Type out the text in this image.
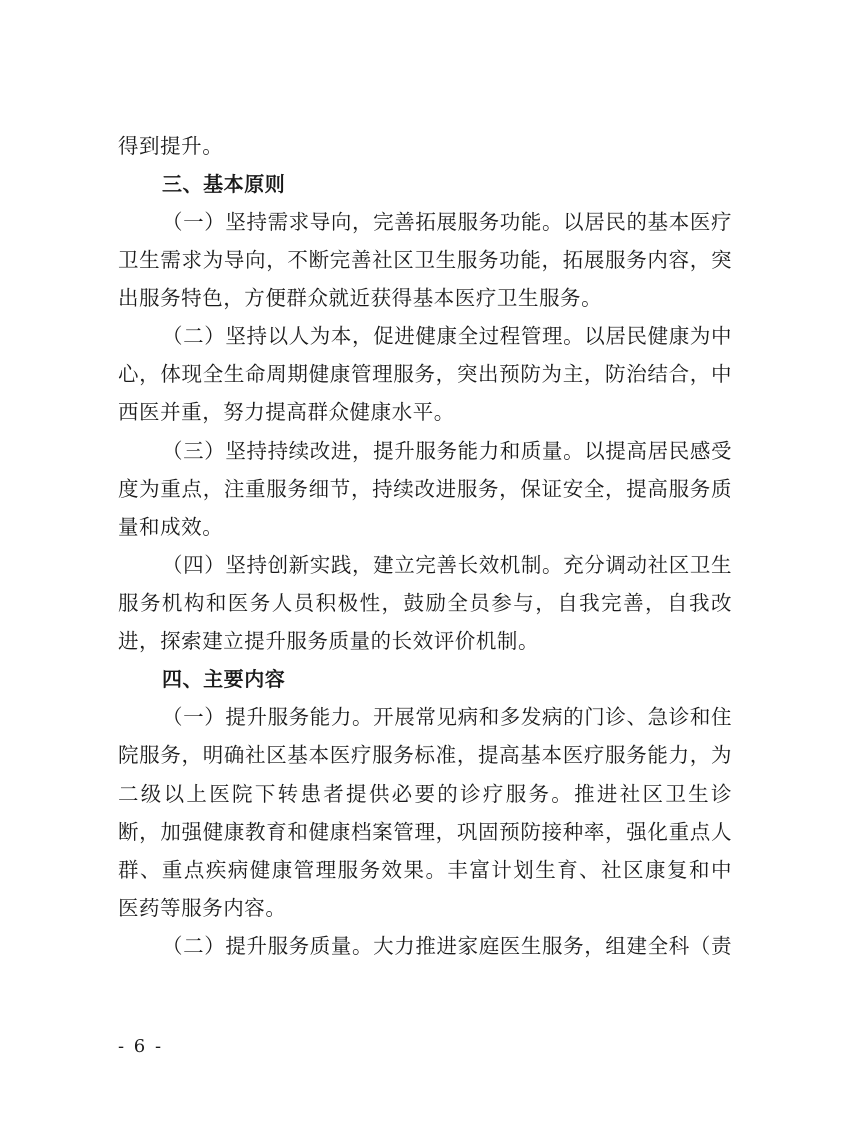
得到提升。
三、基本原则
（一）坚持需求导向，完善拓展服务功能。以居民的基本医疗
卫生需求为导向，不断完善社区卫生服务功能，拓展服务内容，突
出服务特色，方便群众就近获得基本医疗卫生服务。
（二）坚持以人为本，促进健康全过程管理。以居民健康为中
心，体现全生命周期健康管理服务，突出预防为主，防治结合，中
西医并重，努力提高群众健康水平。
（三）坚持持续改进，提升服务能力和质量。以提高居民感受
度为重点，注重服务细节，持续改进服务，保证安全，提高服务质
量和成效。
（四）坚持创新实践，建立完善长效机制。充分调动社区卫生
服务机构和医务人员积极性，鼓励全员参与，自我完善，自我改
进，探索建立提升服务质量的长效评价机制。
四、主要内容
（一）提升服务能力。开展常见病和多发病的门诊、急诊和住
院服务，明确社区基本医疗服务标准，提高基本医疗服务能力，为
二级以上医院下转患者提供必要的诊疗服务。推进社区卫生诊
断，加强健康教育和健康档案管理，巩固预防接种率，强化重点人
群、重点疾病健康管理服务效果。丰富计划生育、社区康复和中
医药等服务内容。
（二）提升服务质量。大力推进家庭医生服务，组建全科（责
- 6 -
